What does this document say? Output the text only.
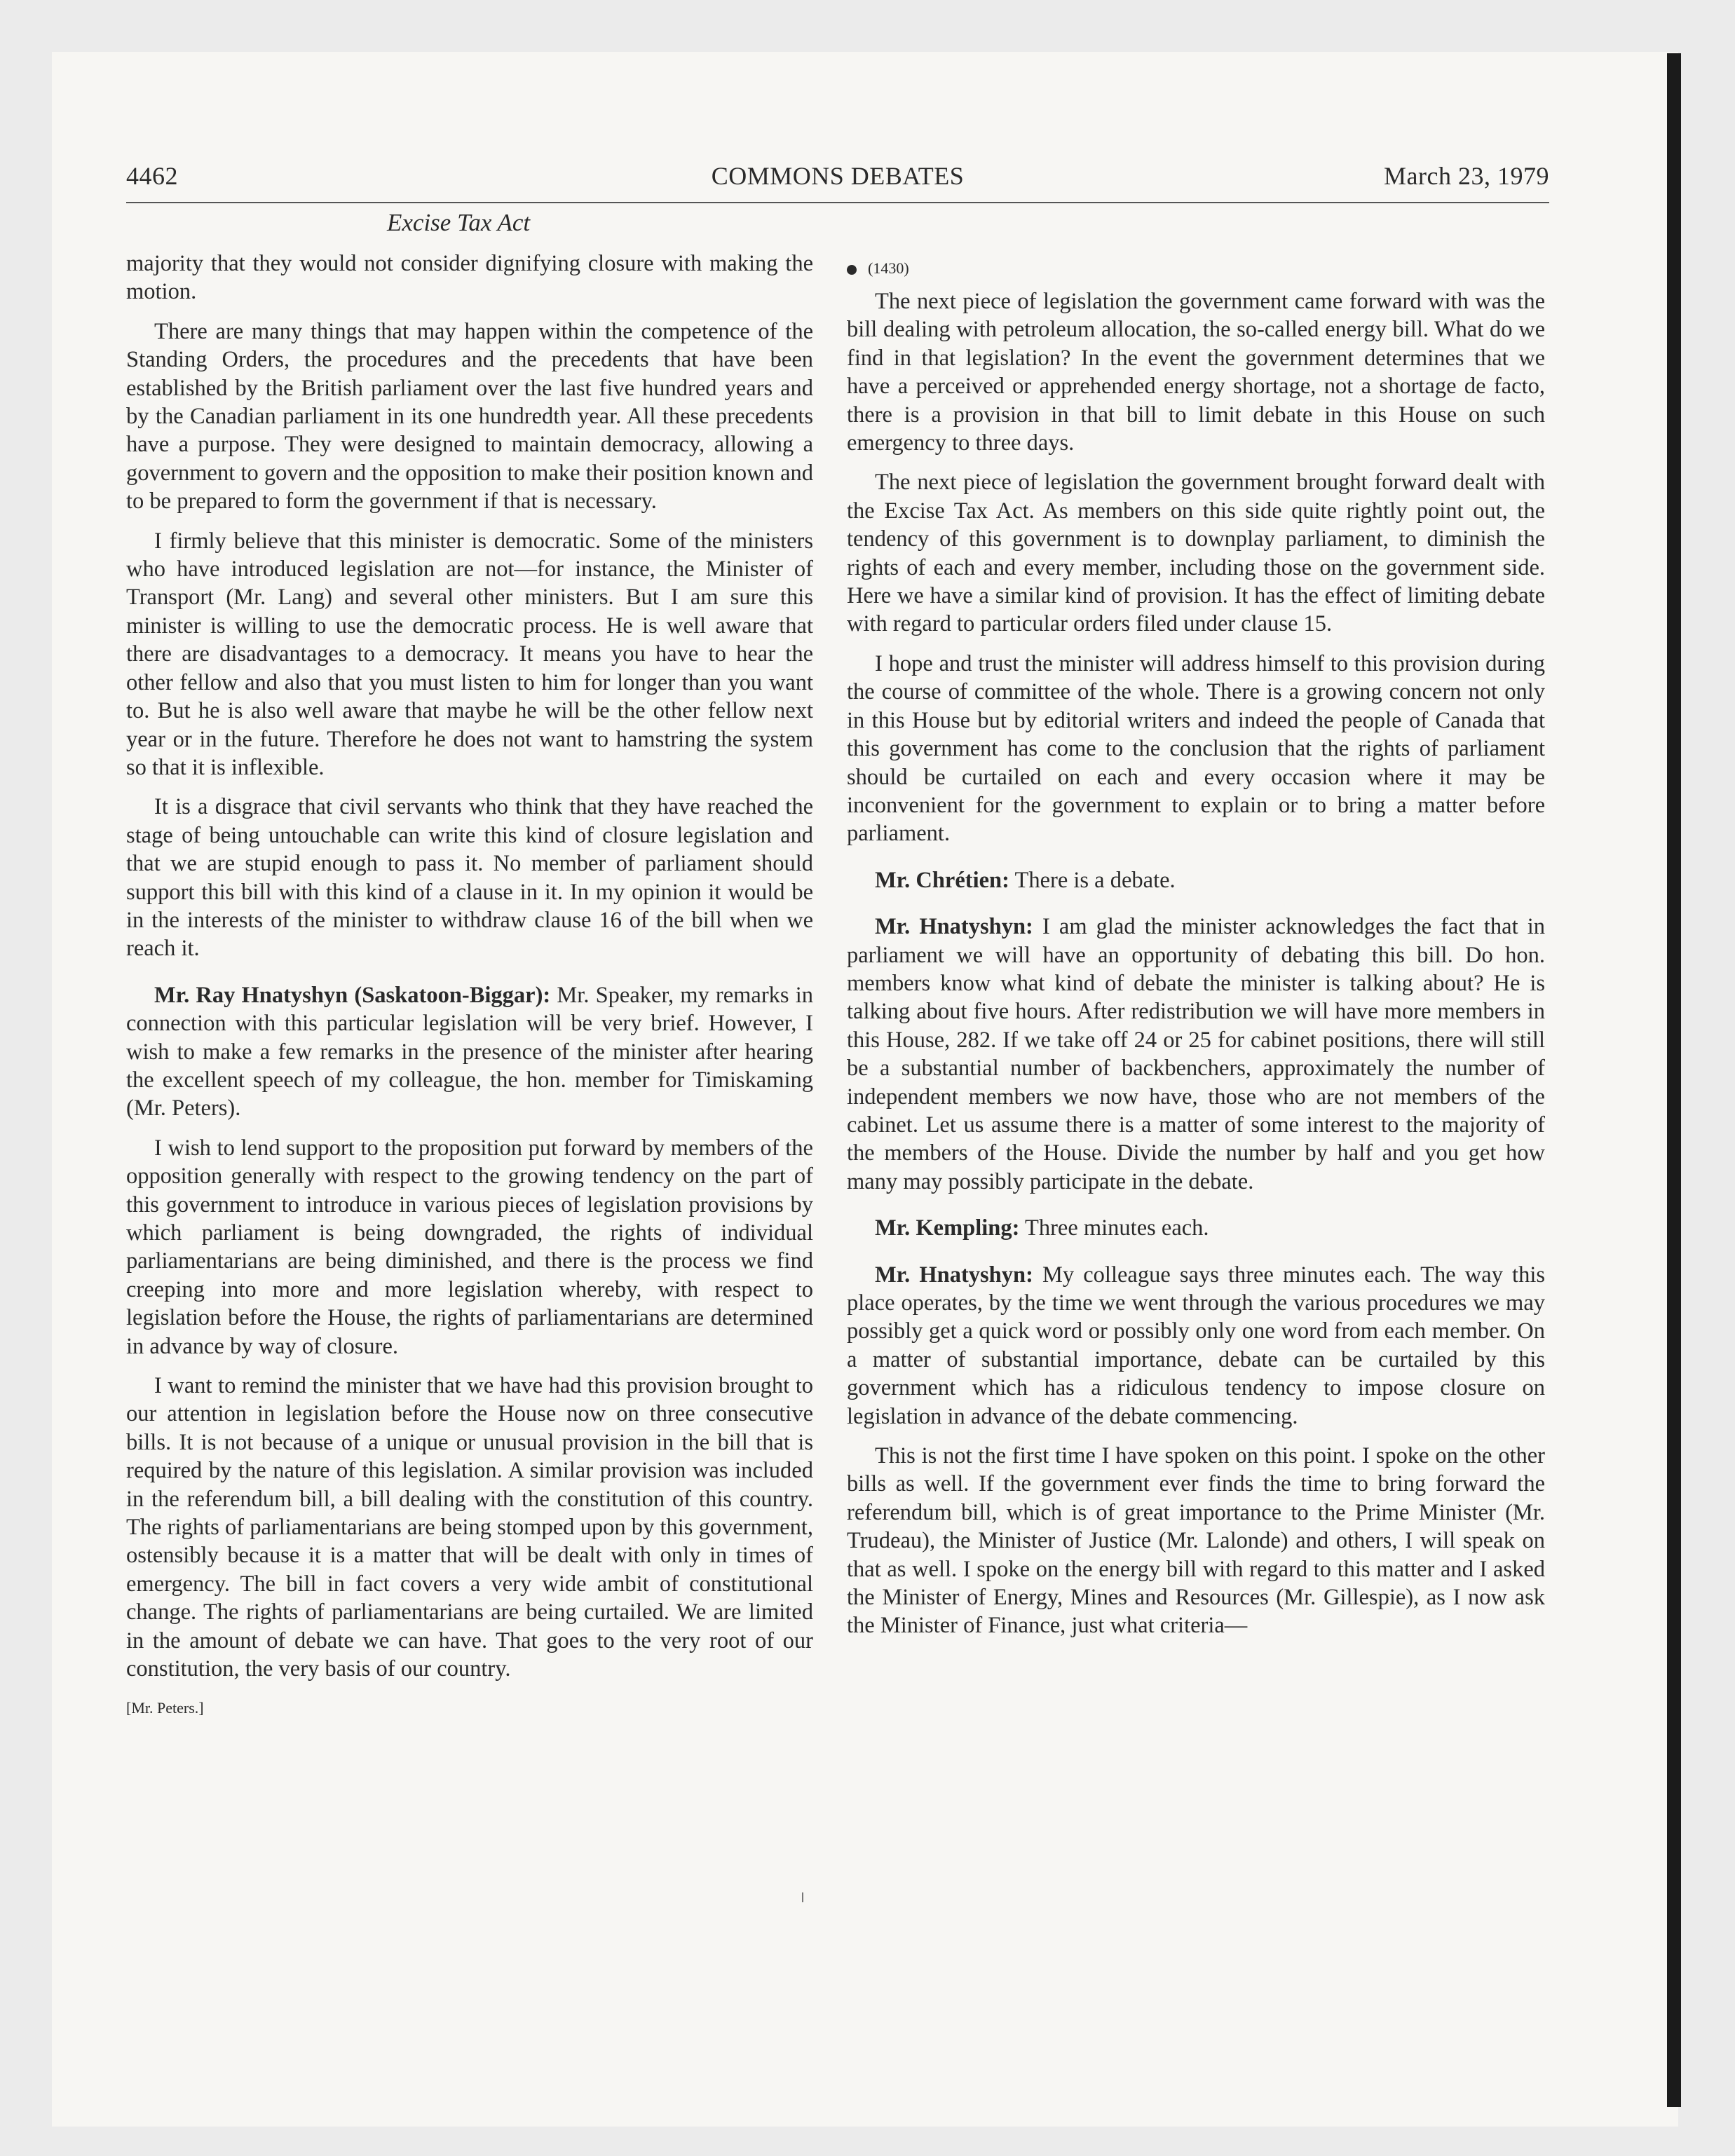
4462	COMMONS DEBATES	March 23, 1979
Excise Tax Act

majority that they would not consider dignifying closure with making the motion.

There are many things that may happen within the competence of the Standing Orders, the procedures and the precedents that have been established by the British parliament over the last five hundred years and by the Canadian parliament in its one hundredth year. All these precedents have a purpose. They were designed to maintain democracy, allowing a government to govern and the opposition to make their position known and to be prepared to form the government if that is necessary.

I firmly believe that this minister is democratic. Some of the ministers who have introduced legislation are not—for instance, the Minister of Transport (Mr. Lang) and several other ministers. But I am sure this minister is willing to use the democratic process. He is well aware that there are disadvantages to a democracy. It means you have to hear the other fellow and also that you must listen to him for longer than you want to. But he is also well aware that maybe he will be the other fellow next year or in the future. Therefore he does not want to hamstring the system so that it is inflexible.

It is a disgrace that civil servants who think that they have reached the stage of being untouchable can write this kind of closure legislation and that we are stupid enough to pass it. No member of parliament should support this bill with this kind of a clause in it. In my opinion it would be in the interests of the minister to withdraw clause 16 of the bill when we reach it.

Mr. Ray Hnatyshyn (Saskatoon-Biggar): Mr. Speaker, my remarks in connection with this particular legislation will be very brief. However, I wish to make a few remarks in the presence of the minister after hearing the excellent speech of my colleague, the hon. member for Timiskaming (Mr. Peters).

I wish to lend support to the proposition put forward by members of the opposition generally with respect to the growing tendency on the part of this government to introduce in various pieces of legislation provisions by which parliament is being downgraded, the rights of individual parliamentarians are being diminished, and there is the process we find creeping into more and more legislation whereby, with respect to legislation before the House, the rights of parliamentarians are determined in advance by way of closure.

I want to remind the minister that we have had this provision brought to our attention in legislation before the House now on three consecutive bills. It is not because of a unique or unusual provision in the bill that is required by the nature of this legislation. A similar provision was included in the referendum bill, a bill dealing with the constitution of this country. The rights of parliamentarians are being stomped upon by this government, ostensibly because it is a matter that will be dealt with only in times of emergency. The bill in fact covers a very wide ambit of constitutional change. The rights of parliamentarians are being curtailed. We are limited in the amount of debate we can have. That goes to the very root of our constitution, the very basis of our country.

[Mr. Peters.]
(1430)

The next piece of legislation the government came forward with was the bill dealing with petroleum allocation, the so-called energy bill. What do we find in that legislation? In the event the government determines that we have a perceived or apprehended energy shortage, not a shortage de facto, there is a provision in that bill to limit debate in this House on such emergency to three days.

The next piece of legislation the government brought forward dealt with the Excise Tax Act. As members on this side quite rightly point out, the tendency of this government is to downplay parliament, to diminish the rights of each and every member, including those on the government side. Here we have a similar kind of provision. It has the effect of limiting debate with regard to particular orders filed under clause 15.

I hope and trust the minister will address himself to this provision during the course of committee of the whole. There is a growing concern not only in this House but by editorial writers and indeed the people of Canada that this government has come to the conclusion that the rights of parliament should be curtailed on each and every occasion where it may be inconvenient for the government to explain or to bring a matter before parliament.

Mr. Chrétien: There is a debate.

Mr. Hnatyshyn: I am glad the minister acknowledges the fact that in parliament we will have an opportunity of debating this bill. Do hon. members know what kind of debate the minister is talking about? He is talking about five hours. After redistribution we will have more members in this House, 282. If we take off 24 or 25 for cabinet positions, there will still be a substantial number of backbenchers, approximately the number of independent members we now have, those who are not members of the cabinet. Let us assume there is a matter of some interest to the majority of the members of the House. Divide the number by half and you get how many may possibly participate in the debate.

Mr. Kempling: Three minutes each.

Mr. Hnatyshyn: My colleague says three minutes each. The way this place operates, by the time we went through the various procedures we may possibly get a quick word or possibly only one word from each member. On a matter of substantial importance, debate can be curtailed by this government which has a ridiculous tendency to impose closure on legislation in advance of the debate commencing.

This is not the first time I have spoken on this point. I spoke on the other bills as well. If the government ever finds the time to bring forward the referendum bill, which is of great importance to the Prime Minister (Mr. Trudeau), the Minister of Justice (Mr. Lalonde) and others, I will speak on that as well. I spoke on the energy bill with regard to this matter and I asked the Minister of Energy, Mines and Resources (Mr. Gillespie), as I now ask the Minister of Finance, just what criteria—
